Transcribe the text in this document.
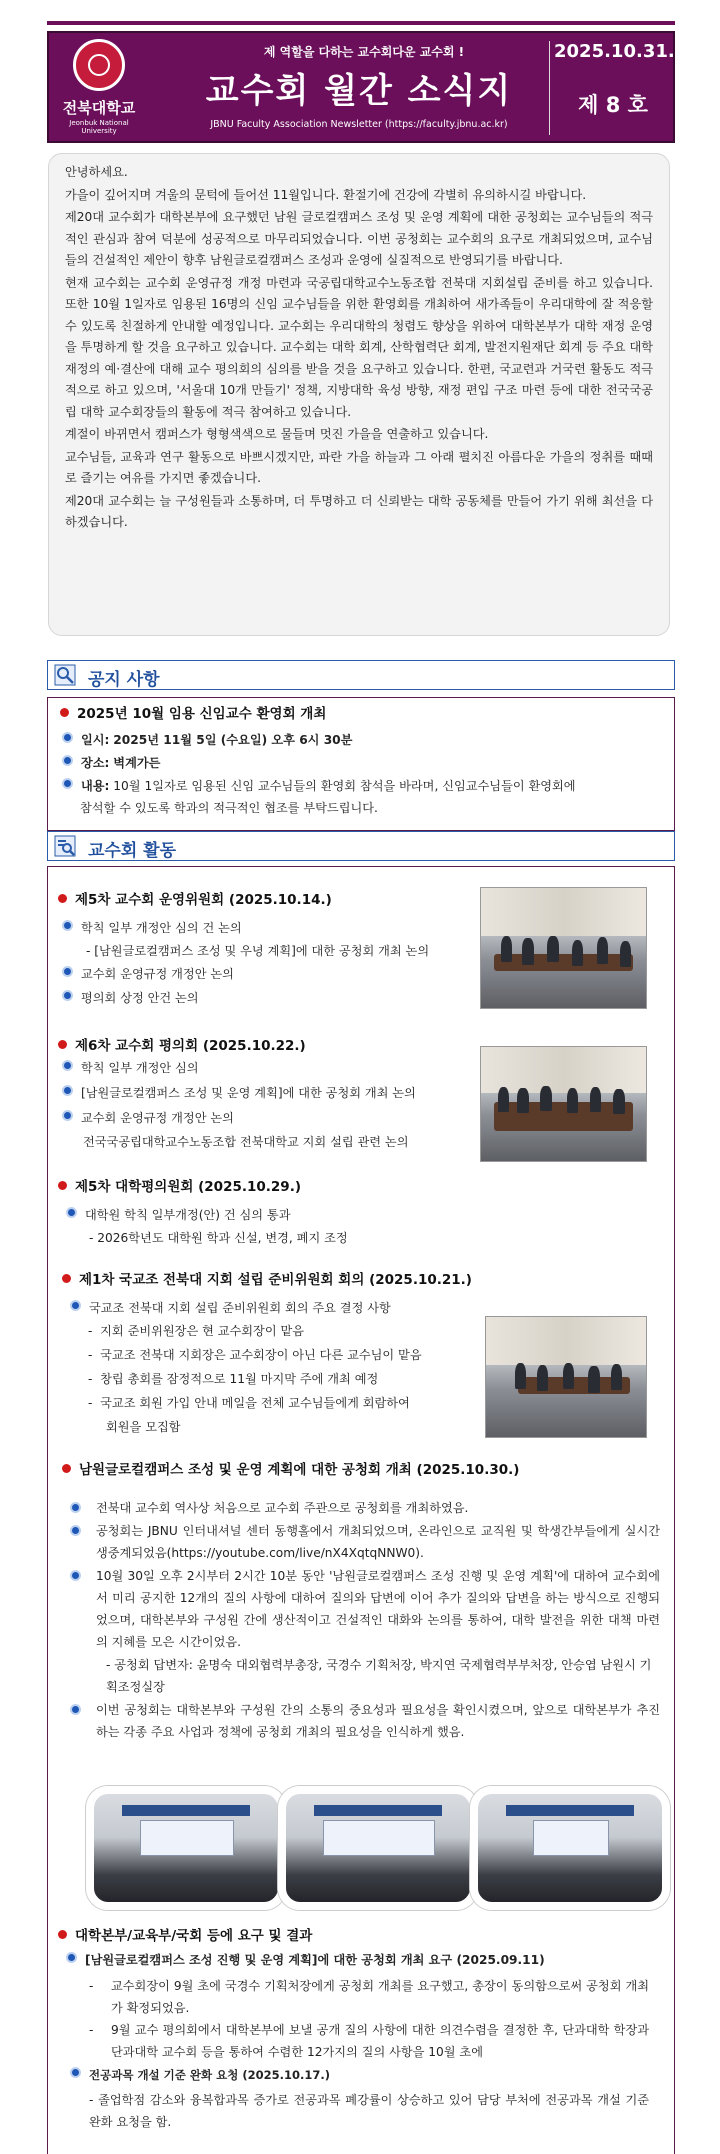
전북대학교
Jeonbuk National University
제 역할을 다하는 교수회다운 교수회 !
교수회 월간 소식지
JBNU Faculty Association Newsletter (https://faculty.jbnu.ac.kr)
2025.10.31.
제 8 호

안녕하세요.

가을이 깊어지며 겨울의 문턱에 들어선 11월입니다. 환절기에 건강에 각별히 유의하시길 바랍니다.

제20대 교수회가 대학본부에 요구했던 남원 글로컬캠퍼스 조성 및 운영 계획에 대한 공청회는 교수님들의 적극적인 관심과 참여 덕분에 성공적으로 마무리되었습니다. 이번 공청회는 교수회의 요구로 개최되었으며, 교수님들의 건설적인 제안이 향후 남원글로컬캠퍼스 조성과 운영에 실질적으로 반영되기를 바랍니다.

현재 교수회는 교수회 운영규정 개정 마련과 국공립대학교수노동조합 전북대 지회설립 준비를 하고 있습니다. 또한 10월 1일자로 임용된 16명의 신임 교수님들을 위한 환영회를 개최하여 새가족들이 우리대학에 잘 적응할 수 있도록 친절하게 안내할 예정입니다. 교수회는 우리대학의 청렴도 향상을 위하여 대학본부가 대학 재정 운영을 투명하게 할 것을 요구하고 있습니다. 교수회는 대학 회계, 산학협력단 회계, 발전지원재단 회계 등 주요 대학 재정의 예·결산에 대해 교수 평의회의 심의를 받을 것을 요구하고 있습니다. 한편, 국교련과 거국련 활동도 적극적으로 하고 있으며, '서울대 10개 만들기' 정책, 지방대학 육성 방향, 재정 편입 구조 마련 등에 대한 전국국공립 대학 교수회장들의 활동에 적극 참여하고 있습니다.

계절이 바뀌면서 캠퍼스가 형형색색으로 물들며 멋진 가을을 연출하고 있습니다.

교수님들, 교육과 연구 활동으로 바쁘시겠지만, 파란 가을 하늘과 그 아래 펼치진 아름다운 가을의 정취를 때때로 즐기는 여유를 가지면 좋겠습니다.

제20대 교수회는 늘 구성원들과 소통하며, 더 투명하고 더 신뢰받는 대학 공동체를 만들어 가기 위해 최선을 다하겠습니다.

공지 사항
2025년 10월 임용 신임교수 환영회 개최
일시: 2025년 11월 5일 (수요일) 오후 6시 30분
장소: 벽계가든
내용: 10월 1일자로 임용된 신임 교수님들의 환영회 참석을 바라며, 신임교수님들이 환영회에
참석할 수 있도록 학과의 적극적인 협조를 부탁드립니다.
교수회 활동
제5차 교수회 운영위원회 (2025.10.14.)
학칙 일부 개정안 심의 건 논의
- [남원글로컬캠퍼스 조성 및 우녕 계획]에 대한 공청회 개최 논의
교수회 운영규정 개정안 논의
평의회 상정 안건 논의
제6차 교수회 평의회 (2025.10.22.)
학칙 일부 개정안 심의
[남원글로컬캠퍼스 조성 및 운영 계획]에 대한 공청회 개최 논의
교수회 운영규정 개정안 논의
전국국공립대학교수노동조합 전북대학교 지회 설립 관련 논의
제5차 대학평의원회 (2025.10.29.)
대학원 학칙 일부개정(안) 건 심의 통과
- 2026학년도 대학원 학과 신설, 변경, 폐지 조정
제1차 국교조 전북대 지회 설립 준비위원회 회의 (2025.10.21.)
국교조 전북대 지회 설립 준비위원회 회의 주요 결정 사항
-  지회 준비위원장은 현 교수회장이 맡음
-  국교조 전북대 지회장은 교수회장이 아닌 다른 교수님이 맡음
-  창립 총회를 잠정적으로 11월 마지막 주에 개최 예정
-  국교조 회원 가입 안내 메일을 전체 교수님들에게 회람하여
회원을 모집함
남원글로컬캠퍼스 조성 및 운영 계획에 대한 공청회 개최 (2025.10.30.)
전북대 교수회 역사상 처음으로 교수회 주관으로 공청회를 개최하였음.
공청회는 JBNU 인터내셔널 센터 동행홀에서 개최되었으며, 온라인으로 교직원 및 학생간부들에게 실시간 생중계되었음(https://youtube.com/live/nX4XqtqNNW0).
10월 30일 오후 2시부터 2시간 10분 동안 '남원글로컬캠퍼스 조성 진행 및 운영 계획'에 대하여 교수회에서 미리 공지한 12개의 질의 사항에 대하여 질의와 답변에 이어 추가 질의와 답변을 하는 방식으로 진행되었으며, 대학본부와 구성원 간에 생산적이고 건설적인 대화와 논의를 통하여, 대학 발전을 위한 대책 마련의 지혜를 모은 시간이었음.
- 공청회 답변자: 윤명숙 대외협력부총장, 국경수 기획처장, 박지연 국제협력부부처장, 안승엽 남원시 기획조정실장
이번 공청회는 대학본부와 구성원 간의 소통의 중요성과 필요성을 확인시켰으며, 앞으로 대학본부가 추진하는 각종 주요 사업과 정책에 공청회 개최의 필요성을 인식하게 했음.
대학본부/교육부/국회 등에 요구 및 결과
[남원글로컬캠퍼스 조성 진행 및 운영 계획]에 대한 공청회 개최 요구 (2025.09.11)
- 교수회장이 9월 초에 국경수 기획처장에게 공청회 개최를 요구했고, 총장이 동의함으로써 공청회 개최가 확정되었음.
- 9월 교수 평의회에서 대학본부에 보낼 공개 질의 사항에 대한 의견수렴을 결정한 후, 단과대학 학장과 단과대학 교수회 등을 통하여 수렴한 12가지의 질의 사항을 10월 초에
전공과목 개설 기준 완화 요청 (2025.10.17.)
- 졸업학점 감소와 융복합과목 증가로 전공과목 폐강률이 상승하고 있어 담당 부처에 전공과목 개설 기준 완화 요청을 함.
